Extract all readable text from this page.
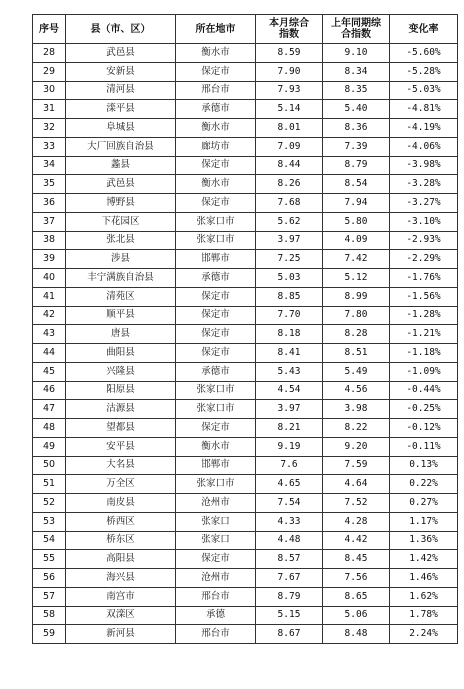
序号	县（市、区）	所在地市	本月综合指数	上年同期综合指数	变化率
28	武邑县	衡水市	8.59	9.10	-5.60%
29	安新县	保定市	7.90	8.34	-5.28%
30	清河县	邢台市	7.93	8.35	-5.03%
31	滦平县	承德市	5.14	5.40	-4.81%
32	阜城县	衡水市	8.01	8.36	-4.19%
33	大厂回族自治县	廊坊市	7.09	7.39	-4.06%
34	蠡县	保定市	8.44	8.79	-3.98%
35	武邑县	衡水市	8.26	8.54	-3.28%
36	博野县	保定市	7.68	7.94	-3.27%
37	下花园区	张家口市	5.62	5.80	-3.10%
38	张北县	张家口市	3.97	4.09	-2.93%
39	涉县	邯郸市	7.25	7.42	-2.29%
40	丰宁满族自治县	承德市	5.03	5.12	-1.76%
41	清苑区	保定市	8.85	8.99	-1.56%
42	顺平县	保定市	7.70	7.80	-1.28%
43	唐县	保定市	8.18	8.28	-1.21%
44	曲阳县	保定市	8.41	8.51	-1.18%
45	兴隆县	承德市	5.43	5.49	-1.09%
46	阳原县	张家口市	4.54	4.56	-0.44%
47	沽源县	张家口市	3.97	3.98	-0.25%
48	望都县	保定市	8.21	8.22	-0.12%
49	安平县	衡水市	9.19	9.20	-0.11%
50	大名县	邯郸市	7.6	7.59	0.13%
51	万全区	张家口市	4.65	4.64	0.22%
52	南皮县	沧州市	7.54	7.52	0.27%
53	桥西区	张家口	4.33	4.28	1.17%
54	桥东区	张家口	4.48	4.42	1.36%
55	高阳县	保定市	8.57	8.45	1.42%
56	海兴县	沧州市	7.67	7.56	1.46%
57	南宫市	邢台市	8.79	8.65	1.62%
58	双滦区	承德	5.15	5.06	1.78%
59	新河县	邢台市	8.67	8.48	2.24%
